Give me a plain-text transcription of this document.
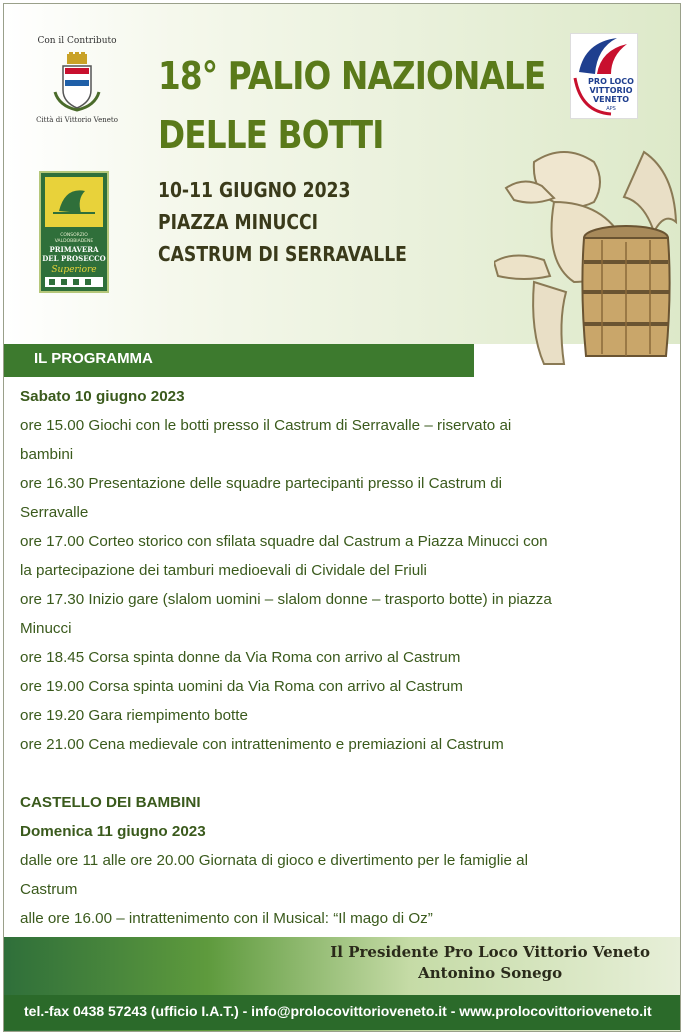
Con il Contributo
Città di Vittorio Veneto
CONSORZIO
VALDOBBIADENE
PRIMAVERA
DEL PROSECCO
Superiore
18° PALIO NAZIONALE
DELLE BOTTI
10-11 GIUGNO 2023
PIAZZA MINUCCI
CASTRUM DI SERRAVALLE
PRO LOCO
VITTORIO
VENETO
APS
IL PROGRAMMA
Sabato 10 giugno 2023
ore 15.00 Giochi con le botti presso il Castrum di Serravalle – riservato ai
bambini
ore 16.30 Presentazione delle squadre partecipanti presso il Castrum di
Serravalle
ore 17.00 Corteo storico con sfilata squadre dal Castrum a Piazza Minucci con
la partecipazione dei tamburi medioevali di Cividale del Friuli
ore 17.30 Inizio gare (slalom uomini – slalom donne – trasporto botte) in piazza
Minucci
ore 18.45 Corsa spinta donne da Via Roma con arrivo al Castrum
ore 19.00 Corsa spinta uomini da Via Roma con arrivo al Castrum
ore 19.20 Gara riempimento botte
ore 21.00 Cena medievale con intrattenimento e premiazioni al Castrum
CASTELLO DEI BAMBINI
Domenica 11 giugno 2023
dalle ore 11 alle ore 20.00 Giornata di gioco e divertimento per le famiglie al
Castrum
alle ore 16.00 – intrattenimento con il Musical: “Il mago di Oz”
Il Presidente Pro Loco Vittorio Veneto
Antonino Sonego
tel.-fax 0438 57243 (ufficio I.A.T.) - info@prolocovittorioveneto.it - www.prolocovittorioveneto.it
